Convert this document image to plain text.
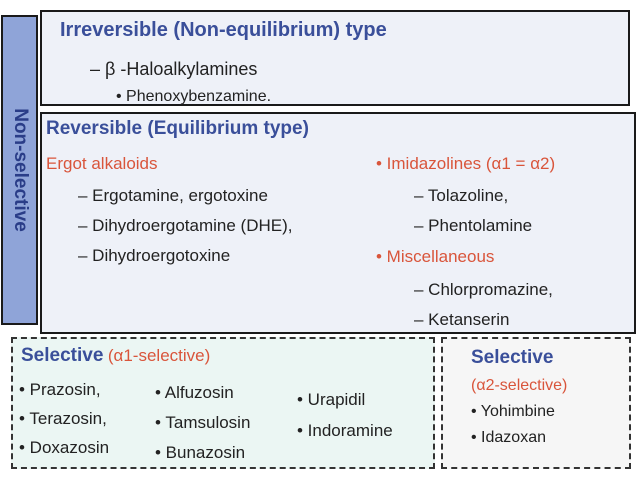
Non-selective
Irreversible (Non-equilibrium) type
– β -Haloalkylamines
• Phenoxybenzamine.
Reversible (Equilibrium type)
Ergot alkaloids
– Ergotamine, ergotoxine
– Dihydroergotamine (DHE),
– Dihydroergotoxine
• Imidazolines (α1 = α2)
– Tolazoline,
– Phentolamine
• Miscellaneous
– Chlorpromazine,
– Ketanserin
Selective (α1-selective)
• Prazosin,
• Terazosin,
• Doxazosin
• Alfuzosin
• Tamsulosin
• Bunazosin
• Urapidil
• Indoramine
Selective
(α2-selective)
• Yohimbine
• Idazoxan
